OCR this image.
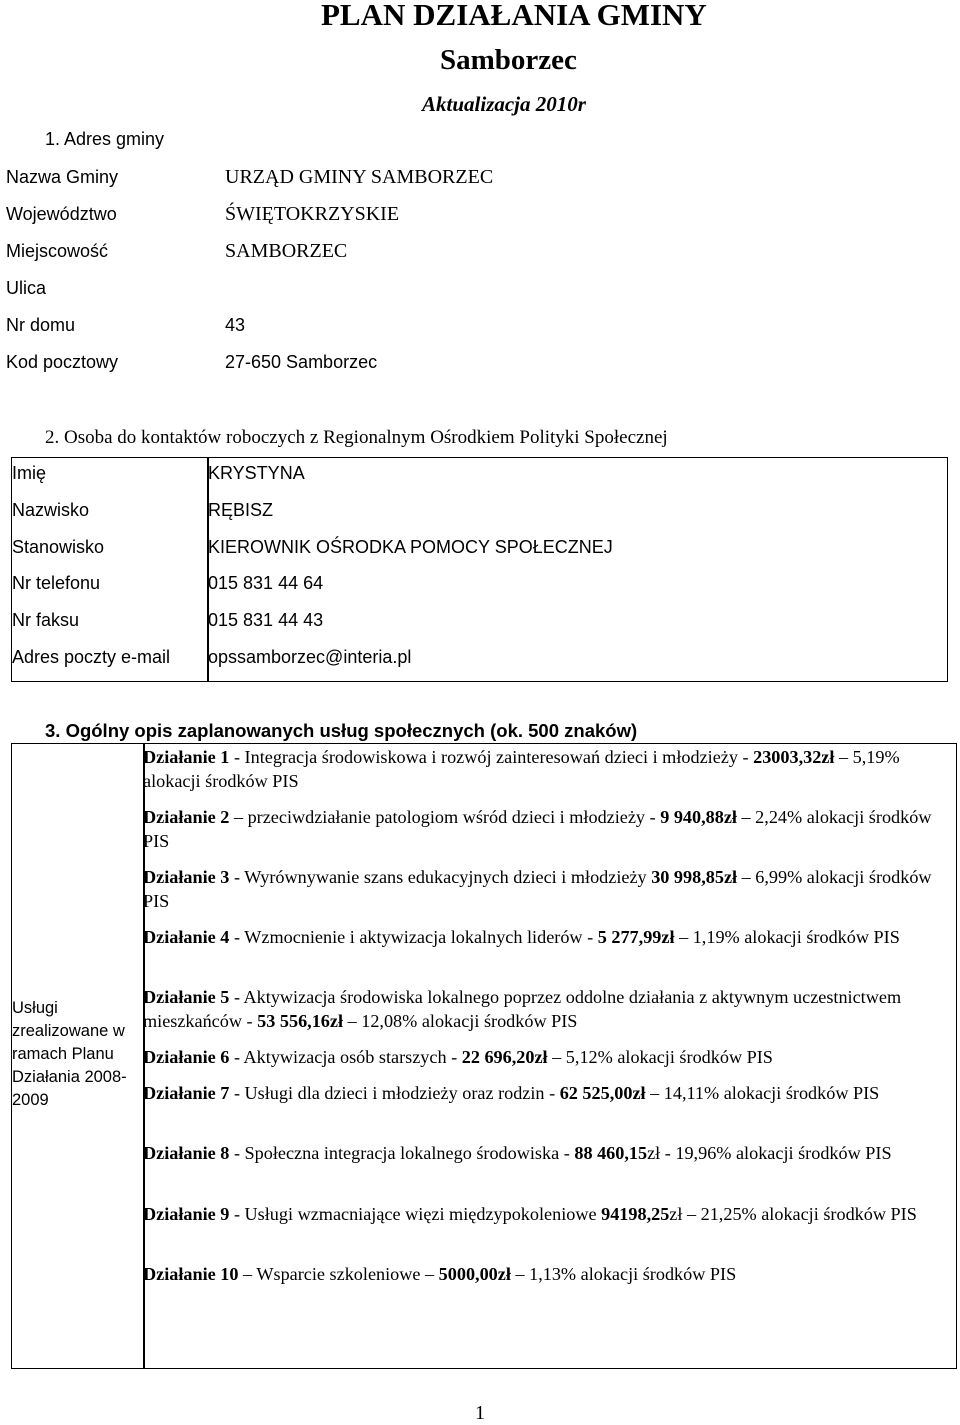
PLAN DZIAŁANIA GMINY
Samborzec
Aktualizacja 2010r
1. Adres gminy
Nazwa Gminy	URZĄD GMINY SAMBORZEC
Województwo	ŚWIĘTOKRZYSKIE
Miejscowość	SAMBORZEC
Ulica
Nr domu	43
Kod pocztowy	27-650 Samborzec
2. Osoba do kontaktów roboczych z Regionalnym Ośrodkiem Polityki Społecznej
Imię	KRYSTYNA
Nazwisko	RĘBISZ
Stanowisko	KIEROWNIK OŚRODKA POMOCY SPOŁECZNEJ
Nr telefonu	015 831 44 64
Nr faksu	015 831 44 43
Adres poczty e-mail opssamborzec@interia.pl
3. Ogólny opis zaplanowanych usług społecznych (ok. 500 znaków)
Usługi zrealizowane w ramach Planu Działania 2008-2009
Działanie 1 - Integracja środowiskowa i rozwój zainteresowań dzieci i młodzieży - 23003,32zł – 5,19% alokacji środków PIS
Działanie 2 – przeciwdziałanie patologiom wśród dzieci i młodzieży - 9 940,88zł – 2,24% alokacji środków PIS
Działanie 3 - Wyrównywanie szans edukacyjnych dzieci i młodzieży 30 998,85zł – 6,99% alokacji środków PIS
Działanie 4 - Wzmocnienie i aktywizacja lokalnych liderów - 5 277,99zł – 1,19% alokacji środków PIS
Działanie 5 - Aktywizacja środowiska lokalnego poprzez oddolne działania z aktywnym uczestnictwem mieszkańców - 53 556,16zł – 12,08% alokacji środków PIS
Działanie 6 - Aktywizacja osób starszych - 22 696,20zł – 5,12% alokacji środków PIS
Działanie 7 - Usługi dla dzieci i młodzieży oraz rodzin - 62 525,00zł – 14,11% alokacji środków PIS
Działanie 8 - Społeczna integracja lokalnego środowiska - 88 460,15zł - 19,96% alokacji środków PIS
Działanie 9 - Usługi wzmacniające więzi międzypokoleniowe 94198,25zł – 21,25% alokacji środków PIS
Działanie 10 – Wsparcie szkoleniowe – 5000,00zł – 1,13% alokacji środków PIS
1
